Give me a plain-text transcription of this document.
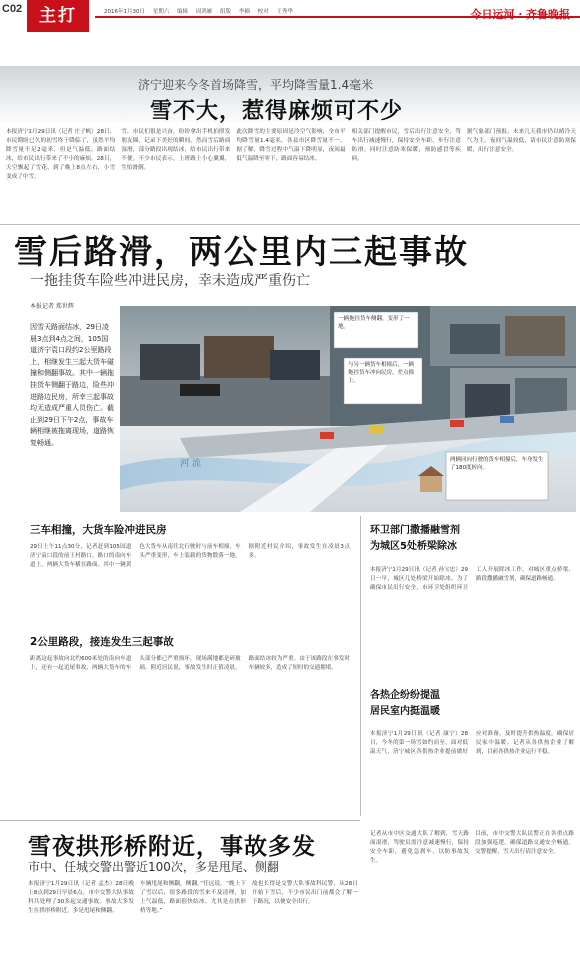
C02 主打	2016年1月30日 星期六 编辑 周鸿雁 组版 李楠 校对 王秀华	今日运河 · 齐鲁晚报
济宁迎来今冬首场降雪，平均降雪量1.4毫米
雪不大，惹得麻烦可不少
本报济宁1月29日讯（记者 庄子帆）28日，市民期盼已久的初雪终于降临了，虽然平均降雪量不足2毫米，但是气温低，路面结冰，给市民出行带来了不小的麻烦。28日，天空飘起了雪花，到了晚上8点左右，小雪变成了中雪。
雪，市民们很是兴奋，纷纷拿出手机拍照发朋友圈，记录下美好的瞬间。然而雪后路面湿滑，部分路段出现结冰，给市民出行带来不便。不少市民表示，上班路上小心翼翼，生怕滑倒。
此次降雪的主要原因是冷空气影响，全市平均降雪量1.4毫米，各县市区降雪量不一。据了解，降雪过程中气温下降明显，夜间最低气温降至零下，路面容易结冰。
相关部门提醒市民，雪后出行注意安全，驾车出行减速慢行，保持安全车距，步行注意防滑。同时注意防寒保暖，预防感冒等疾病。
据气象部门预报，未来几天我市仍以晴冷天气为主，夜间气温较低，请市民注意防寒保暖，出行注意安全。
雪后路滑，两公里内三起事故
一拖挂货车险些冲进民房，幸未造成严重伤亡
本报记者 郑世辉
因雪天路面结冰，29日凌晨3点到4点之间，105国道济宁袁口段约2公里路段上，相继发生三起大货车碰撞和侧翻事故。其中一辆拖挂货车侧翻于路边，险些冲进路边民房，所幸三起事故均无造成严重人员伤亡。截止到29日下午2点，事故车辆相继被拖离现场，道路恢复畅通。
一辆拖挂货车侧翻，变形了一地。
与另一辆货车相撞后，一辆拖挂货车冲向民房，差点撞上。
两辆同向行驶的货车相撞后，车身发生了180度转向。
河 流
三车相撞，大货车险冲进民房
29日上午11点30分，记者赶到105国道济宁袁口段的前王村路口，路口的南向车道上，两辆大货车横在路面。其中一辆黄色大货车从南往北行驶时与前车相撞，车头严重变形，车上装载的货物散落一地。据附近村民介绍，事故发生在凌晨3点多。
2公里路段，接连发生三起事故
距离这起事故向北约600米处的南向车道上，还有一起追尾事故，两辆大货车的车头部分都已严重损坏，现场满地都是碎玻璃。附近居民说，事故发生时正值凌晨，路面结冰较为严重。由于该路段在事发时车辆较多，造成了短时的交通拥堵。
环卫部门撒播融雪剂
为城区5处桥梁除冰
本报济宁1月29日讯（记者 孙宝忠）29日一早，城区几处桥梁开始除冰。为了确保市民出行安全，市环卫处组织环卫工人开展除冰工作，对城区重点桥梁、路段撒播融雪剂，确保道路畅通。
各热企纷纷提温
居民室内挺温暖
本报济宁1月29日讯（记者 康宁）28日，今冬的第一场雪如约而至，面对低温天气，济宁城区各供热企业提前做好应对准备，及时提升供热温度，确保居民家中温暖。记者从各供热企业了解到，目前各供热企业运行平稳。
雪夜拱形桥附近，事故多发
市中、任城交警出警近100次，多是甩尾、侧翻
本报济宁1月29日讯（记者 孟杰）28日晚上8点到29日早晨6点，市中交警大队事故科共处理了30多起交通事故。事故大多发生在拱形桥附近，多是甩尾和侧翻。
车辆甩尾和侧翻，侧翻。”任远说。“晚上下了雪以后，很多路段的雪来不及清理，加上气温低，路面很快结冰。尤其是在拱形桥等地。”
故也长得是交警大队事故科民警，从28日开始下雪后，不少市民出门前都会了解一下路况，以便安全出行。
记者从市中区交通大队了解到，雪天路面湿滑，驾驶员需注意减速慢行，保持安全车距，避免急刹车，以防事故发生。
目前，市中交警大队民警正在各重点路段加强巡逻，确保道路交通安全畅通。交警提醒，雪天出行请注意安全。
